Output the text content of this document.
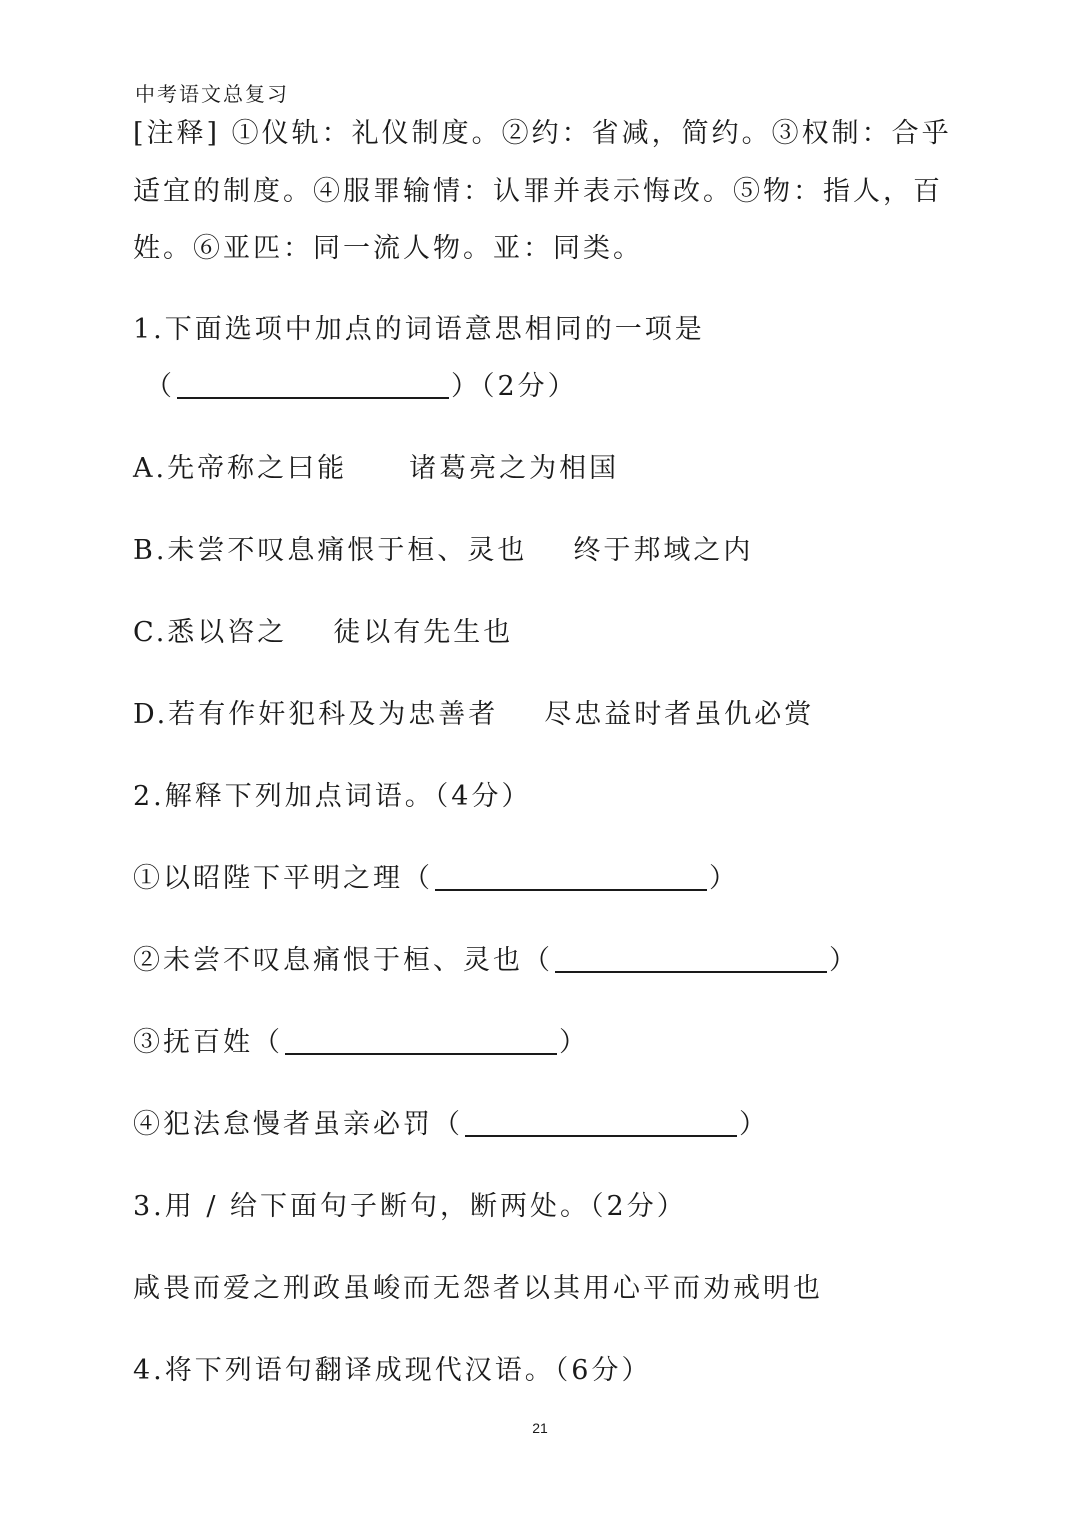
中考语文总复习
[注释] ①仪轨：礼仪制度。②约：省减，简约。③权制：合乎
适宜的制度。④服罪输情：认罪并表示悔改。⑤物：指人，百
姓。⑥亚匹：同一流人物。亚：同类。
1.下面选项中加点的词语意思相同的一项是
（	）（2分）
A.先帝称之曰能 诸葛亮之为相国
B.未尝不叹息痛恨于桓、灵也 终于邦域之内
C.悉以咨之 徒以有先生也
D.若有作奸犯科及为忠善者 尽忠益时者虽仇必赏
2.解释下列加点词语。（4分）
①以昭陛下平明之理（	）
②未尝不叹息痛恨于桓、灵也（	）
③抚百姓（	）
④犯法怠慢者虽亲必罚（	）
3.用 / 给下面句子断句，断两处。（2分）
咸畏而爱之刑政虽峻而无怨者以其用心平而劝戒明也
4.将下列语句翻译成现代汉语。（6分）
21
